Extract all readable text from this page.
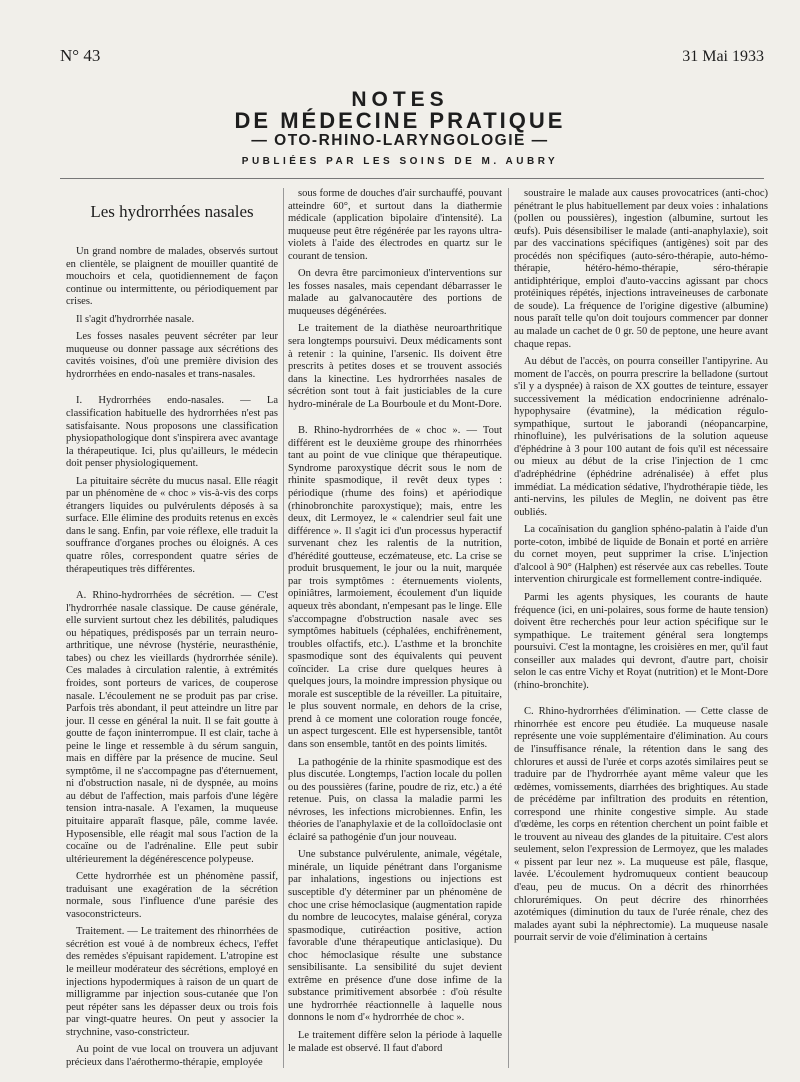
N° 43	31 Mai 1933
NOTES
DE MÉDECINE PRATIQUE
— OTO-RHINO-LARYNGOLOGIE —
PUBLIÉES PAR LES SOINS DE M. AUBRY
Les hydrorrhées nasales

Un grand nombre de malades, observés surtout en clientèle, se plaignent de mouiller quantité de mouchoirs et cela, quotidiennement de façon continue ou intermittente, ou périodiquement par crises.

Il s'agit d'hydrorrhée nasale.

Les fosses nasales peuvent sécréter par leur muqueuse ou donner passage aux sécrétions des cavités voisines, d'où une première division des hydrorrhées en endo-nasales et trans-nasales.

I. Hydrorrhées endo-nasales. — La classification habituelle des hydrorrhées n'est pas satisfaisante. Nous proposons une classification physiopathologique dont s'inspirera avec avantage la thérapeutique. Ici, plus qu'ailleurs, le médecin doit penser physiologiquement.

La pituitaire sécrète du mucus nasal. Elle réagit par un phénomène de « choc » vis-à-vis des corps étrangers liquides ou pulvérulents déposés à sa surface. Elle élimine des produits retenus en excès dans le sang. Enfin, par voie réflexe, elle traduit la souffrance d'organes proches ou éloignés. A ces quatre rôles, correspondent quatre séries de thérapeutiques très différentes.

A. Rhino-hydrorrhées de sécrétion. — C'est l'hydrorrhée nasale classique. De cause générale, elle survient surtout chez les débilités, paludiques ou hépatiques, prédisposés par un terrain neuro-arthritique, une névrose (hystérie, neurasthénie, tabes) ou chez les vieillards (hydrorrhée sénile). Ces malades à circulation ralentie, à extrémités froides, sont porteurs de varices, de couperose nasale. L'écoulement ne se produit pas par crise. Parfois très abondant, il peut atteindre un litre par jour. Il cesse en général la nuit. Il se fait goutte à goutte de façon ininterrompue. Il est clair, tache à peine le linge et ressemble à du sérum sanguin, mais en diffère par la présence de mucine. Seul symptôme, il ne s'accompagne pas d'éternuement, ni d'obstruction nasale, ni de dyspnée, au moins au début de l'affection, mais parfois d'une légère tension intra-nasale. A l'examen, la muqueuse pituitaire apparaît flasque, pâle, comme lavée. Hyposensible, elle réagit mal sous l'action de la cocaïne ou de l'adrénaline. Elle peut subir ultérieurement la dégénérescence polypeuse.

Cette hydrorrhée est un phénomène passif, traduisant une exagération de la sécrétion normale, sous l'influence d'une parésie des vasoconstricteurs.

Traitement. — Le traitement des rhinorrhées de sécrétion est voué à de nombreux échecs, l'effet des remèdes s'épuisant rapidement. L'atropine est le meilleur modérateur des sécrétions, employé en injections hypodermiques à raison de un quart de milligramme par injection sous-cutanée que l'on peut répéter sans les dépasser deux ou trois fois par vingt-quatre heures. On peut y associer la strychnine, vaso-constricteur.

Au point de vue local on trouvera un adjuvant précieux dans l'aérothermo-thérapie, employée

sous forme de douches d'air surchauffé, pouvant atteindre 60°, et surtout dans la diathermie médicale (application bipolaire d'intensité). La muqueuse peut être régénérée par les rayons ultra-violets à l'aide des électrodes en quartz sur le courant de tension.

On devra être parcimonieux d'interventions sur les fosses nasales, mais cependant débarrasser le malade au galvanocautère des portions de muqueuses dégénérées.

Le traitement de la diathèse neuroarthritique sera longtemps poursuivi. Deux médicaments sont à retenir : la quinine, l'arsenic. Ils doivent être prescrits à petites doses et se trouvent associés dans la kinectine. Les hydrorrhées nasales de sécrétion sont tout à fait justiciables de la cure hydro-minérale de La Bourboule et du Mont-Dore.

B. Rhino-hydrorrhées de « choc ». — Tout différent est le deuxième groupe des rhinorrhées tant au point de vue clinique que thérapeutique. Syndrome paroxystique décrit sous le nom de rhinite spasmodique, il revêt deux types : périodique (rhume des foins) et apériodique (rhinobronchite paroxystique); mais, entre les deux, dit Lermoyez, le « calendrier seul fait une différence ». Il s'agit ici d'un processus hyperactif survenant chez les ralentis de la nutrition, d'hérédité goutteuse, eczémateuse, etc. La crise se produit brusquement, le jour ou la nuit, marquée par trois symptômes : éternuements violents, opiniâtres, larmoiement, écoulement d'un liquide aqueux très abondant, n'empesant pas le linge. Elle s'accompagne d'obstruction nasale avec ses symptômes habituels (céphalées, enchifrènement, troubles olfactifs, etc.). L'asthme et la bronchite spasmodique sont des équivalents qui peuvent coïncider. La crise dure quelques heures à quelques jours, la moindre impression physique ou morale est susceptible de la réveiller. La pituitaire, le plus souvent normale, en dehors de la crise, prend à ce moment une coloration rouge foncée, un aspect turgescent. Elle est hypersensible, tantôt dans son ensemble, tantôt en des points limités.

La pathogénie de la rhinite spasmodique est des plus discutée. Longtemps, l'action locale du pollen ou des poussières (farine, poudre de riz, etc.) a été retenue. Puis, on classa la maladie parmi les névroses, les infections microbiennes. Enfin, les théories de l'anaphylaxie et de la colloïdoclasie ont éclairé sa pathogénie d'un jour nouveau.

Une substance pulvérulente, animale, végétale, minérale, un liquide pénétrant dans l'organisme par inhalations, ingestions ou injections est susceptible d'y déterminer par un phénomène de choc une crise hémoclasique (augmentation rapide du nombre de leucocytes, malaise général, coryza spasmodique, cutiréaction positive, action favorable d'une thérapeutique anticlasique). Du choc hémoclasique résulte une substance sensibilisante. La sensibilité du sujet devient extrême en présence d'une dose infime de la substance primitivement absorbée : d'où résulte une hydrorrhée réactionnelle à laquelle nous donnons le nom d'« hydrorrhée de choc ».

Le traitement diffère selon la période à laquelle le malade est observé. Il faut d'abord

soustraire le malade aux causes provocatrices (anti-choc) pénétrant le plus habituellement par deux voies : inhalations (pollen ou poussières), ingestion (albumine, surtout les œufs). Puis désensibiliser le malade (anti-anaphylaxie), soit par des vaccinations spécifiques (antigènes) soit par des procédés non spécifiques (auto-séro-thérapie, auto-hémo-thérapie, hétéro-hémo-thérapie, séro-thérapie antidiphtérique, emploi d'auto-vaccins agissant par chocs protéiniques répétés, injections intraveineuses de carbonate de soude). La fréquence de l'origine digestive (albumine) nous paraît telle qu'on doit toujours commencer par donner au malade un cachet de 0 gr. 50 de peptone, une heure avant chaque repas.

Au début de l'accès, on pourra conseiller l'antipyrine. Au moment de l'accès, on pourra prescrire la belladone (surtout s'il y a dyspnée) à raison de XX gouttes de teinture, essayer successivement la médication endocrinienne adrénalo-hypophysaire (évatmine), la médication régulo-sympathique, surtout le jaborandi (néopancarpine, rhinofluine), les pulvérisations de la solution aqueuse d'éphédrine à 3 pour 100 autant de fois qu'il est nécessaire ou mieux au début de la crise l'injection de 1 cmc d'adréphédrine (éphédrine adrénalisée) à effet plus immédiat. La médication sédative, l'hydrothérapie tiède, les anti-nervins, les pilules de Meglin, ne doivent pas être oubliés.

La cocaïnisation du ganglion sphéno-palatin à l'aide d'un porte-coton, imbibé de liquide de Bonain et porté en arrière du cornet moyen, peut supprimer la crise. L'injection d'alcool à 90° (Halphen) est réservée aux cas rebelles. Toute intervention chirurgicale est formellement contre-indiquée.

Parmi les agents physiques, les courants de haute fréquence (ici, en uni-polaires, sous forme de haute tension) doivent être recherchés pour leur action spécifique sur le sympathique. Le traitement général sera longtemps poursuivi. C'est la montagne, les croisières en mer, qu'il faut conseiller aux malades qui devront, d'autre part, choisir selon le cas entre Vichy et Royat (nutrition) et le Mont-Dore (rhino-bronchite).

C. Rhino-hydrorrhées d'élimination. — Cette classe de rhinorrhée est encore peu étudiée. La muqueuse nasale représente une voie supplémentaire d'élimination. Au cours de l'insuffisance rénale, la rétention dans le sang des chlorures et aussi de l'urée et corps azotés similaires peut se traduire par de l'hydrorrhée ayant même valeur que les œdèmes, vomissements, diarrhées des brightiques. Au stade de précédème par infiltration des produits en rétention, correspond une rhinite congestive simple. Au stade d'œdème, les corps en rétention cherchent un point faible et le trouvent au niveau des glandes de la pituitaire. C'est alors seulement, selon l'expression de Lermoyez, que les malades « pissent par leur nez ». La muqueuse est pâle, flasque, lavée. L'écoulement hydromuqueux contient beaucoup d'eau, peu de mucus. On a décrit des rhinorrhées chlorurémiques. On peut décrire des rhinorrhées azotémiques (diminution du taux de l'urée rénale, chez des malades ayant subi la néphrectomie). La muqueuse nasale pourrait servir de voie d'élimination à certains
